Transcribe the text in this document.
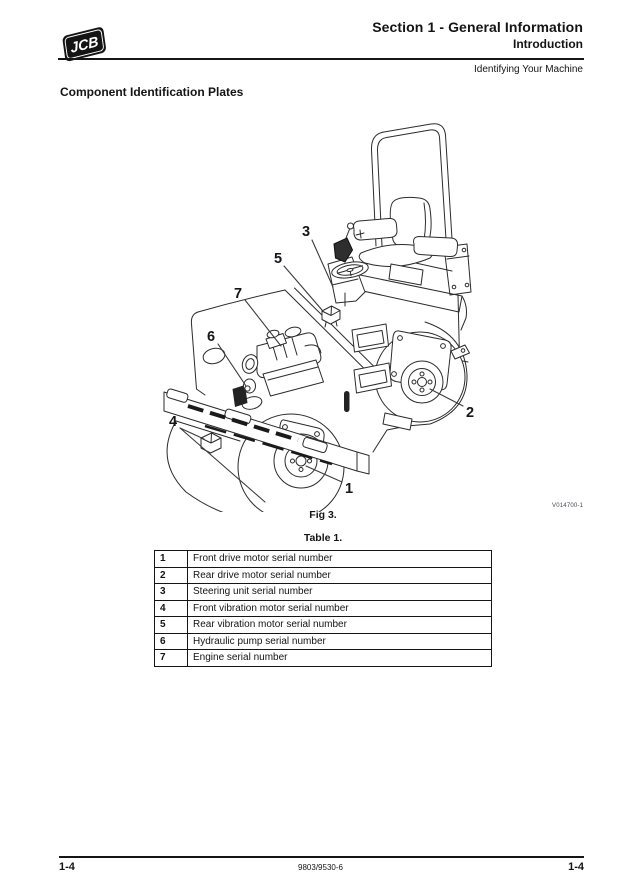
JCB
Section 1 - General Information
Introduction
Identifying Your Machine
Component Identification Plates
3
5
7
6
4
1
2
V014700-1
Fig 3.
Table 1.
1	Front drive motor serial number
2	Rear drive motor serial number
3	Steering unit serial number
4	Front vibration motor serial number
5	Rear vibration motor serial number
6	Hydraulic pump serial number
7	Engine serial number
1-4	9803/9530-6	1-4
